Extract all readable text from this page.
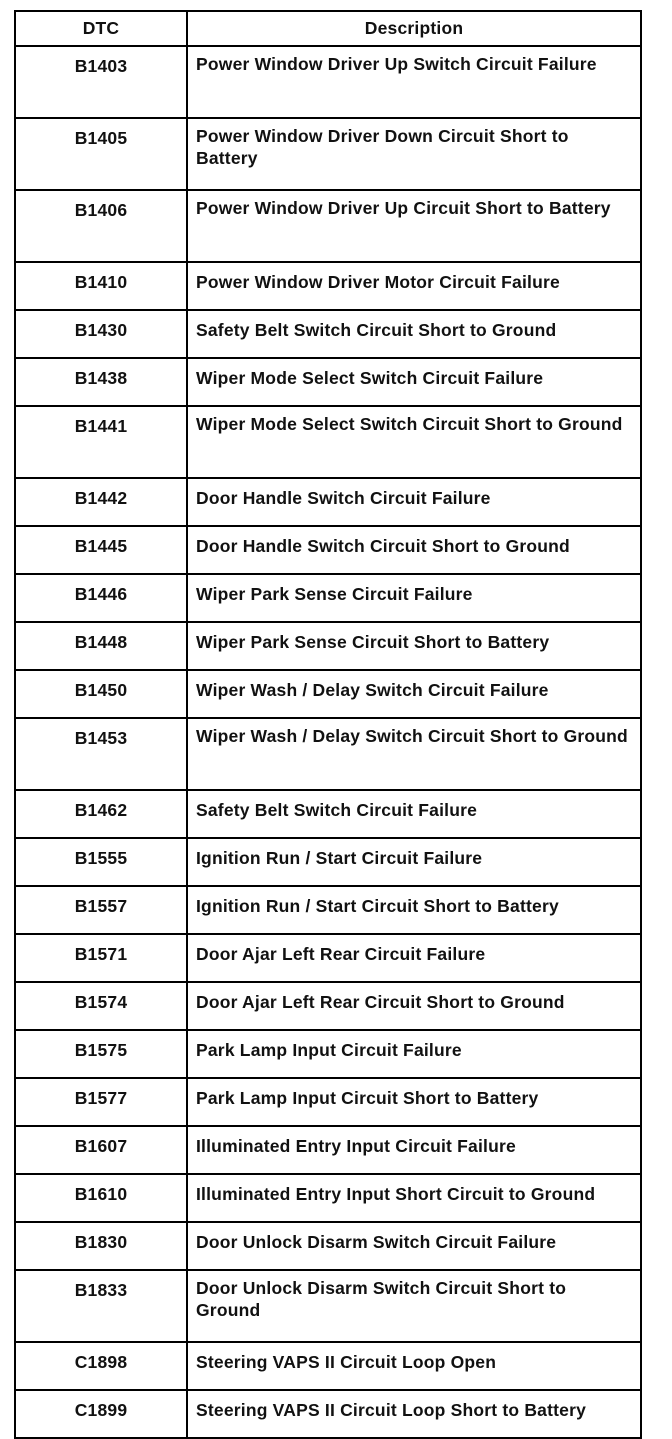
DTC	Description
B1403	Power Window Driver Up Switch Circuit Failure
B1405	Power Window Driver Down Circuit Short to Battery
B1406	Power Window Driver Up Circuit Short to Battery
B1410	Power Window Driver Motor Circuit Failure
B1430	Safety Belt Switch Circuit Short to Ground
B1438	Wiper Mode Select Switch Circuit Failure
B1441	Wiper Mode Select Switch Circuit Short to Ground
B1442	Door Handle Switch Circuit Failure
B1445	Door Handle Switch Circuit Short to Ground
B1446	Wiper Park Sense Circuit Failure
B1448	Wiper Park Sense Circuit Short to Battery
B1450	Wiper Wash / Delay Switch Circuit Failure
B1453	Wiper Wash / Delay Switch Circuit Short to Ground
B1462	Safety Belt Switch Circuit Failure
B1555	Ignition Run / Start Circuit Failure
B1557	Ignition Run / Start Circuit Short to Battery
B1571	Door Ajar Left Rear Circuit Failure
B1574	Door Ajar Left Rear Circuit Short to Ground
B1575	Park Lamp Input Circuit Failure
B1577	Park Lamp Input Circuit Short to Battery
B1607	Illuminated Entry Input Circuit Failure
B1610	Illuminated Entry Input Short Circuit to Ground
B1830	Door Unlock Disarm Switch Circuit Failure
B1833	Door Unlock Disarm Switch Circuit Short to Ground
C1898	Steering VAPS II Circuit Loop Open
C1899	Steering VAPS II Circuit Loop Short to Battery
